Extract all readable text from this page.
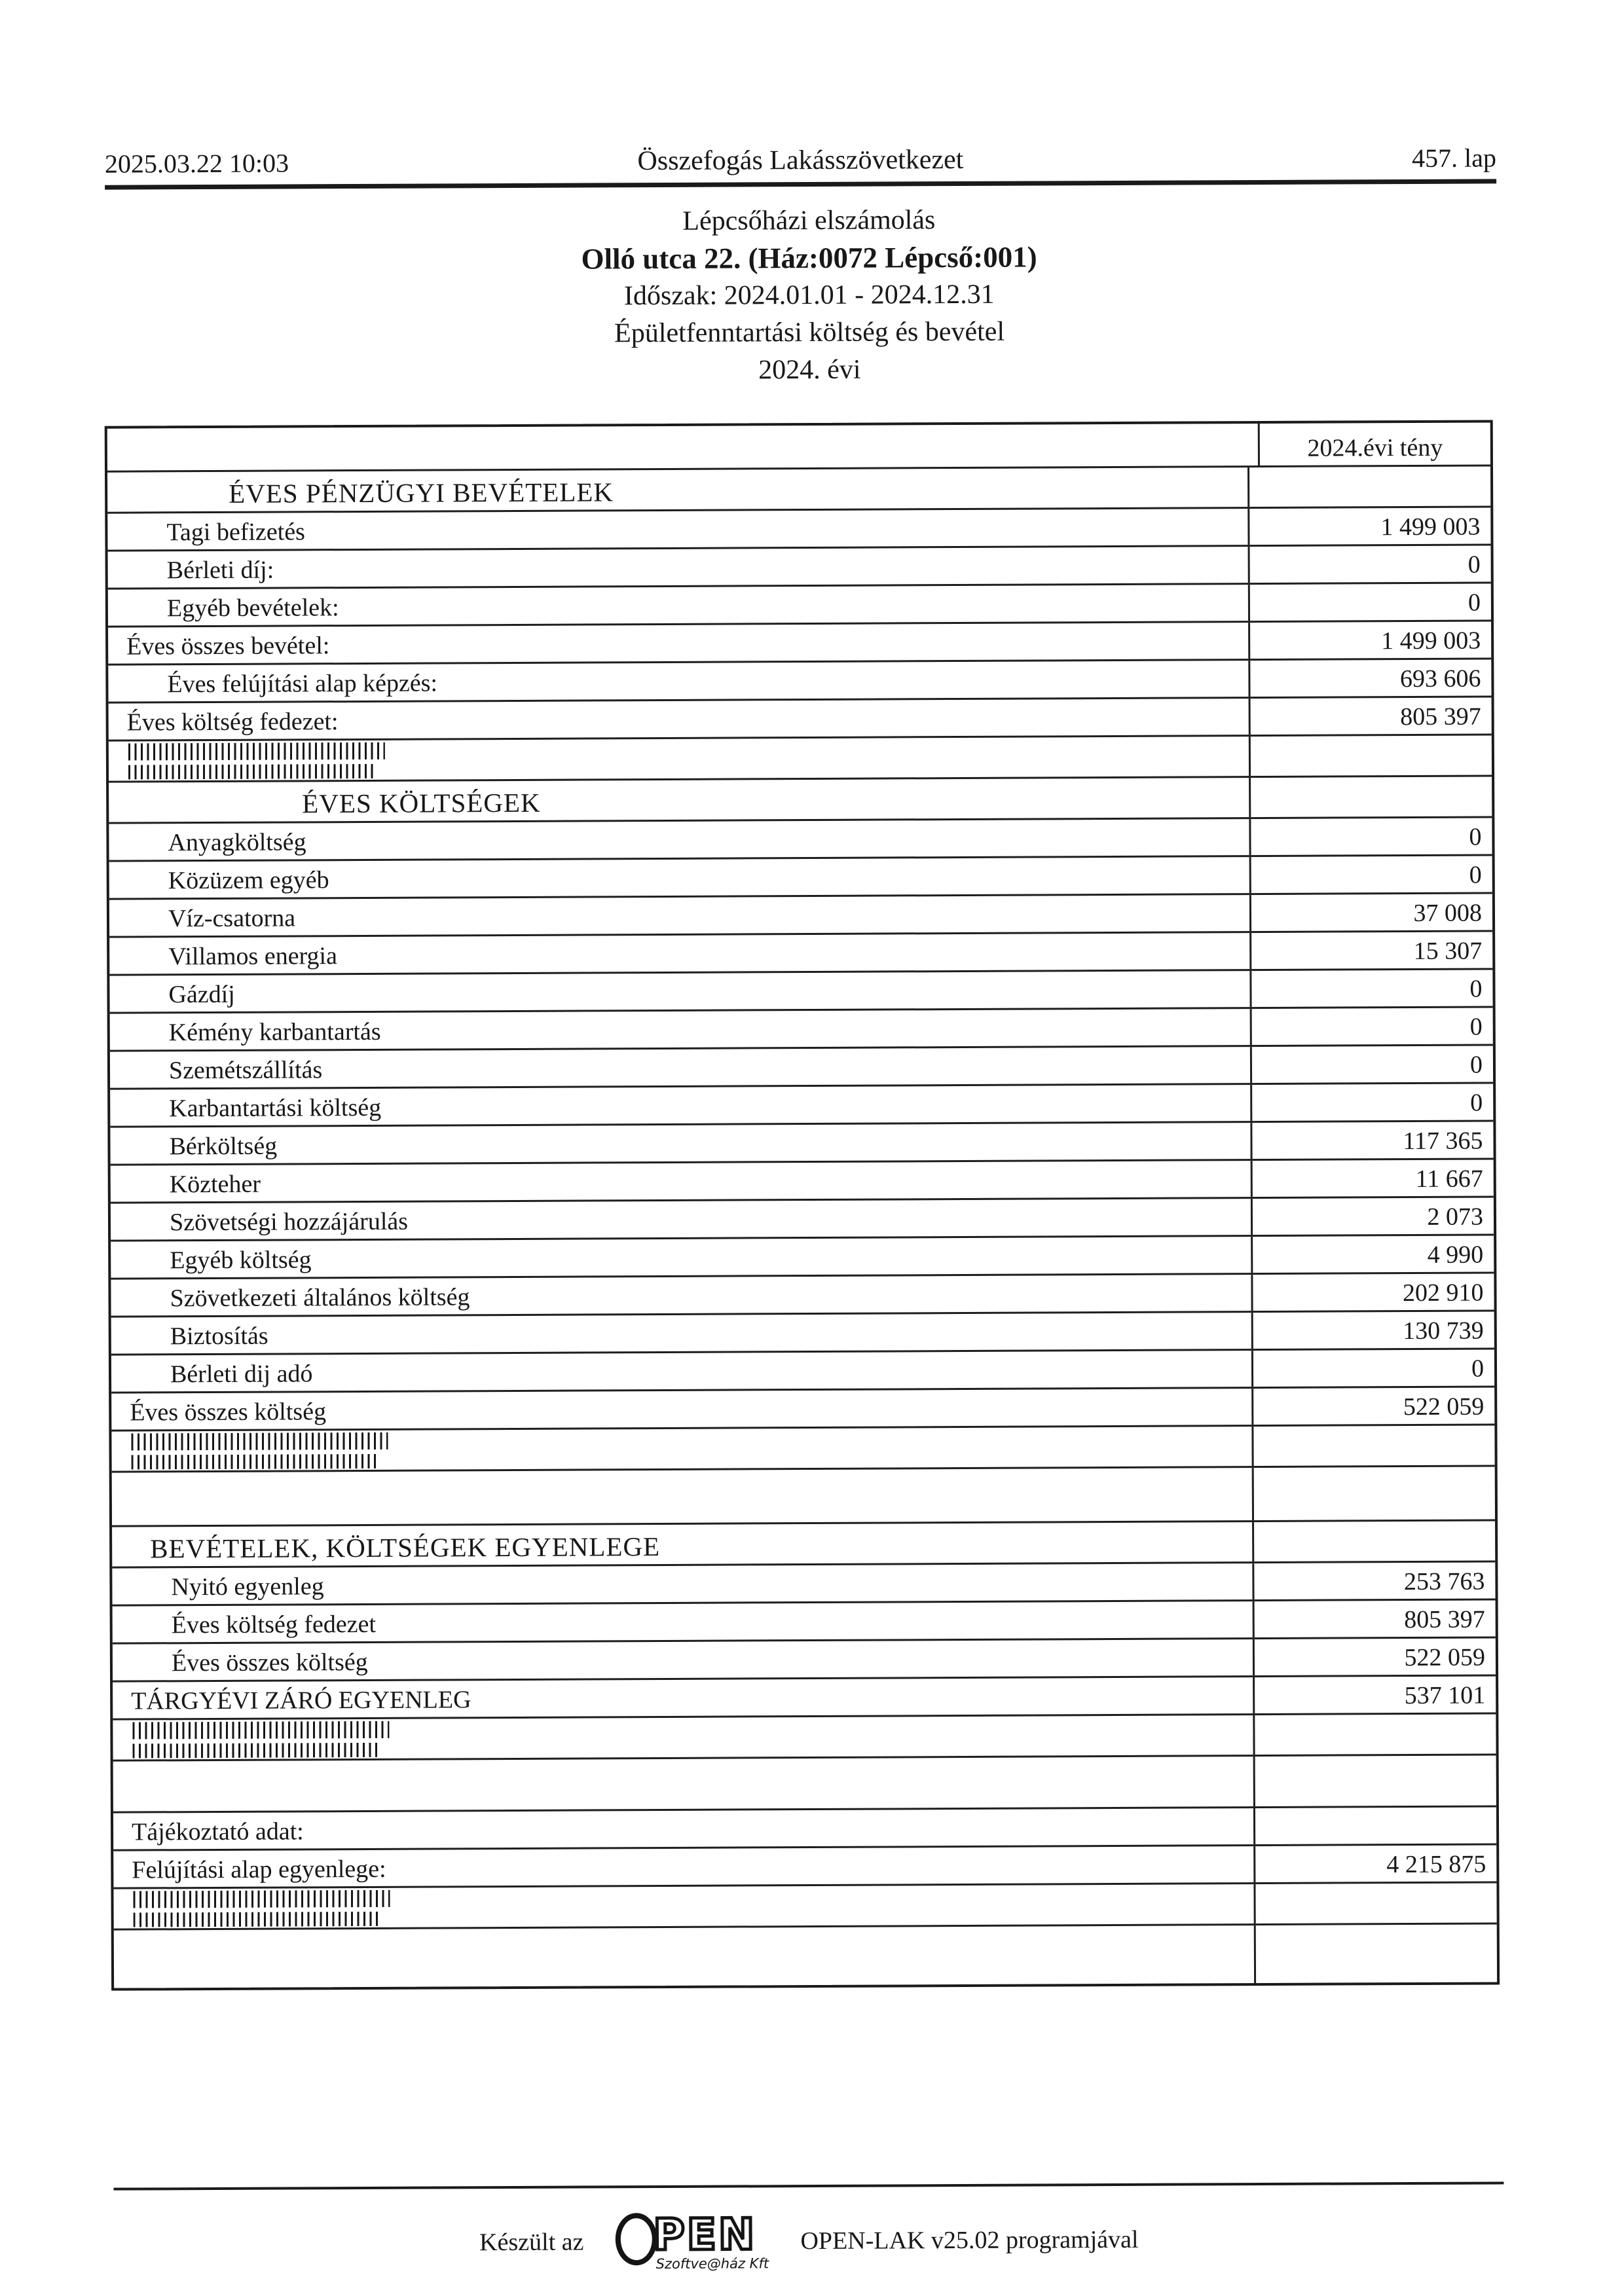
2025.03.22 10:03	Összefogás Lakásszövetkezet	457. lap
Lépcsőházi elszámolás
Olló utca 22. (Ház:0072 Lépcső:001)
Időszak: 2024.01.01 - 2024.12.31
Épületfenntartási költség és bevétel
2024. évi
2024.évi tény
ÉVES PÉNZÜGYI BEVÉTELEK
Tagi befizetés	1 499 003
Bérleti díj:	0
Egyéb bevételek:	0
Éves összes bevétel:	1 499 003
Éves felújítási alap képzés:	693 606
Éves költség fedezet:	805 397
ÉVES KÖLTSÉGEK
Anyagköltség	0
Közüzem egyéb	0
Víz-csatorna	37 008
Villamos energia	15 307
Gázdíj	0
Kémény karbantartás	0
Szemétszállítás	0
Karbantartási költség	0
Bérköltség	117 365
Közteher	11 667
Szövetségi hozzájárulás	2 073
Egyéb költség	4 990
Szövetkezeti általános költség	202 910
Biztosítás	130 739
Bérleti dij adó	0
Éves összes költség	522 059
BEVÉTELEK, KÖLTSÉGEK EGYENLEGE
Nyitó egyenleg	253 763
Éves költség fedezet	805 397
Éves összes költség	522 059
TÁRGYÉVI ZÁRÓ EGYENLEG	537 101
Tájékoztató adat:
Felújítási alap egyenlege:	4 215 875
Készült az PEN
Szoftve@ház Kft
OPEN-LAK v25.02 programjával
